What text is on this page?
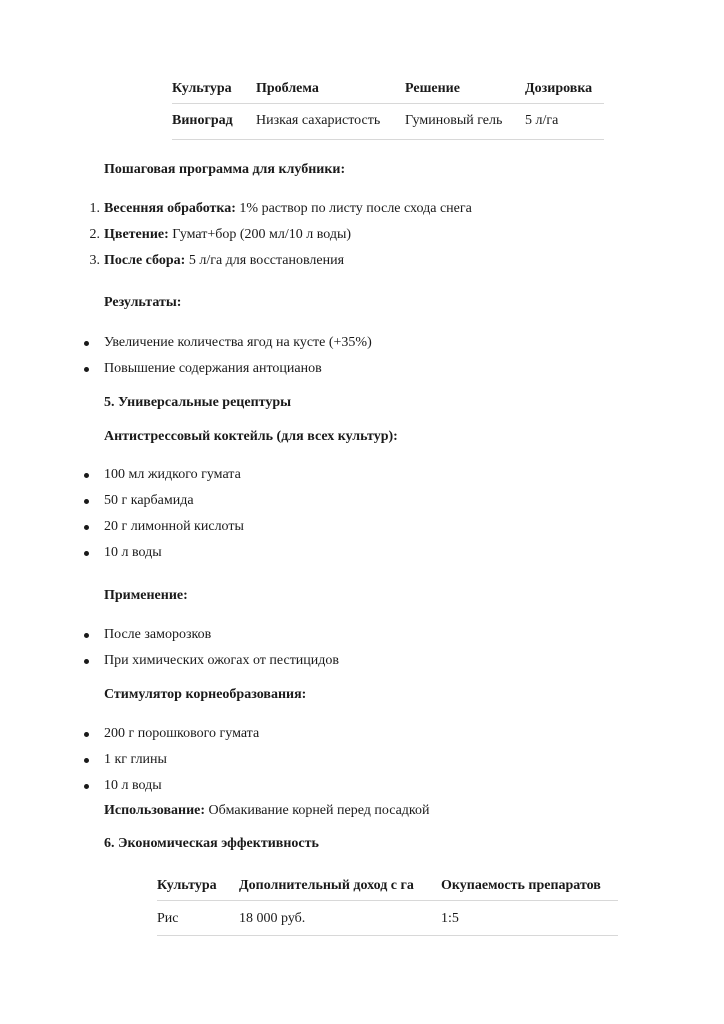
Культура	Проблема	Решение	Дозировка
Виноград	Низкая сахаристость	Гуминовый гель	5 л/га
Пошаговая программа для клубники:
1. Весенняя обработка: 1% раствор по листу после схода снега
2. Цветение: Гумат+бор (200 мл/10 л воды)
3. После сбора: 5 л/га для восстановления
Результаты:
Увеличение количества ягод на кусте (+35%)
Повышение содержания антоцианов
5. Универсальные рецептуры
Антистрессовый коктейль (для всех культур):
100 мл жидкого гумата
50 г карбамида
20 г лимонной кислоты
10 л воды
Применение:
После заморозков
При химических ожогах от пестицидов
Стимулятор корнеобразования:
200 г порошкового гумата
1 кг глины
10 л воды
Использование: Обмакивание корней перед посадкой
6. Экономическая эффективность
Культура	Дополнительный доход с га	Окупаемость препаратов
Рис	18 000 руб.	1:5
